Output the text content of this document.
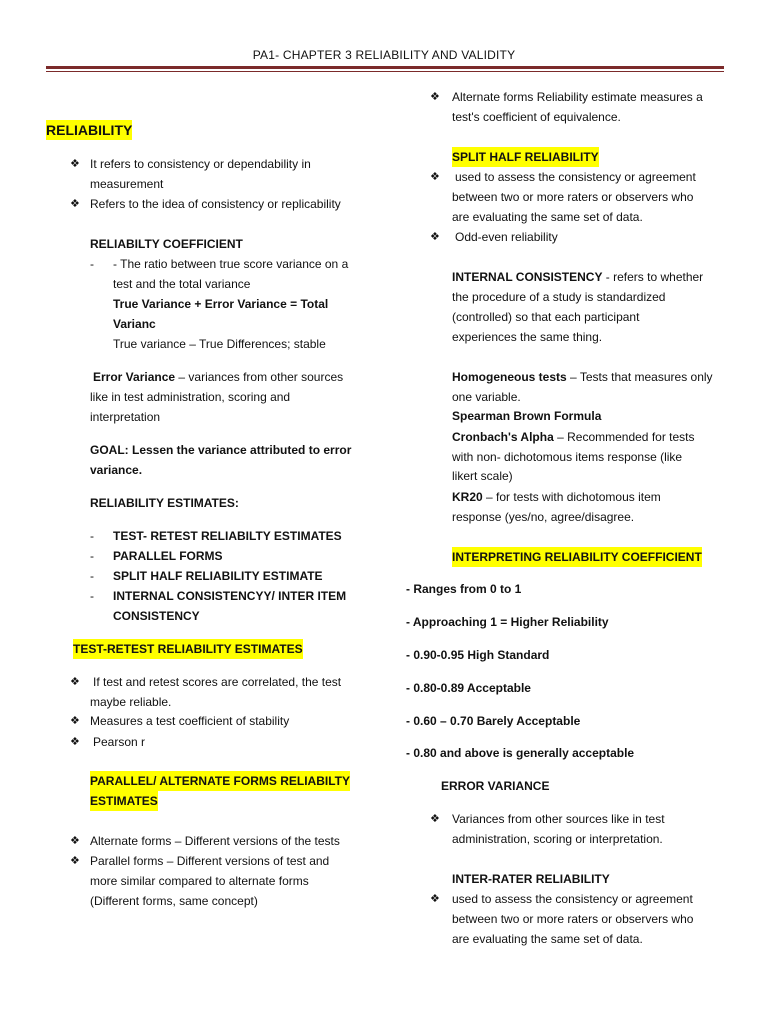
PA1- CHAPTER 3 RELIABILITY AND VALIDITY
RELIABILITY
❖ It refers to consistency or dependability in
measurement
❖ Refers to the idea of consistency or replicability
RELIABILTY COEFFICIENT
- - The ratio between true score variance on a
test and the total variance
True Variance + Error Variance = Total
Varianc
True variance – True Differences; stable
Error Variance – variances from other sources
like in test administration, scoring and
interpretation
GOAL: Lessen the variance attributed to error
variance.
RELIABILITY ESTIMATES:
- TEST- RETEST RELIABILTY ESTIMATES
- PARALLEL FORMS
- SPLIT HALF RELIABILITY ESTIMATE
- INTERNAL CONSISTENCYY/ INTER ITEM
CONSISTENCY
TEST-RETEST RELIABILITY ESTIMATES
❖ If test and retest scores are correlated, the test
maybe reliable.
❖ Measures a test coefficient of stability
❖ Pearson r
PARALLEL/ ALTERNATE FORMS RELIABILTY
ESTIMATES
❖ Alternate forms – Different versions of the tests
❖ Parallel forms – Different versions of test and
more similar compared to alternate forms
(Different forms, same concept)
❖ Alternate forms Reliability estimate measures a
test's coefficient of equivalence.
SPLIT HALF RELIABILITY
❖ used to assess the consistency or agreement
between two or more raters or observers who
are evaluating the same set of data.
❖ Odd-even reliability
INTERNAL CONSISTENCY - refers to whether
the procedure of a study is standardized
(controlled) so that each participant
experiences the same thing.
Homogeneous tests – Tests that measures only
one variable.
Spearman Brown Formula
Cronbach's Alpha – Recommended for tests
with non- dichotomous items response (like
likert scale)
KR20 – for tests with dichotomous item
response (yes/no, agree/disagree.
INTERPRETING RELIABILITY COEFFICIENT
- Ranges from 0 to 1
- Approaching 1 = Higher Reliability
- 0.90-0.95 High Standard
- 0.80-0.89 Acceptable
- 0.60 – 0.70 Barely Acceptable
- 0.80 and above is generally acceptable
ERROR VARIANCE
❖ Variances from other sources like in test
administration, scoring or interpretation.
INTER-RATER RELIABILITY
❖ used to assess the consistency or agreement
between two or more raters or observers who
are evaluating the same set of data.
